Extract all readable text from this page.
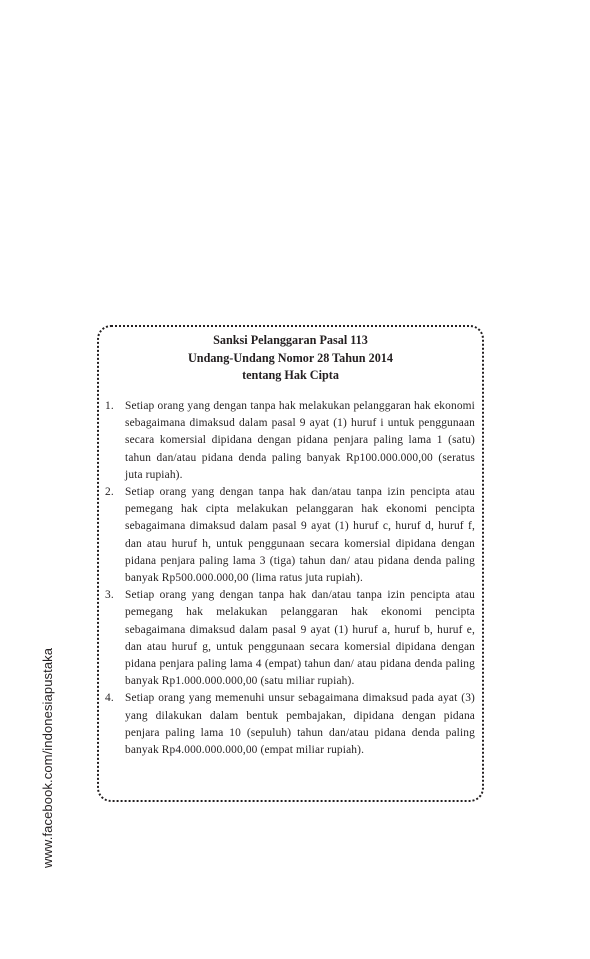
www.facebook.com/indonesiapustaka
Sanksi Pelanggaran Pasal 113
Undang-Undang Nomor 28 Tahun 2014
tentang Hak Cipta
1. Setiap orang yang dengan tanpa hak melakukan pelanggaran hak ekonomi sebagaimana dimaksud dalam pasal 9 ayat (1) huruf i untuk penggunaan secara komersial dipidana dengan pidana penjara paling lama 1 (satu) tahun dan/atau pidana denda paling banyak Rp100.000.000,00 (seratus juta rupiah).
2. Setiap orang yang dengan tanpa hak dan/atau tanpa izin pencipta atau pemegang hak cipta melakukan pelanggaran hak ekonomi pencipta sebagaimana dimaksud dalam pasal 9 ayat (1) huruf c, huruf d, huruf f, dan atau huruf h, untuk penggunaan secara komersial dipidana dengan pidana penjara paling lama 3 (tiga) tahun dan/ atau pidana denda paling banyak Rp500.000.000,00 (lima ratus juta rupiah).
3. Setiap orang yang dengan tanpa hak dan/atau tanpa izin pencipta atau pemegang hak melakukan pelanggaran hak ekonomi pencipta sebagaimana dimaksud dalam pasal 9 ayat (1) huruf a, huruf b, huruf e, dan atau huruf g, untuk penggunaan secara komersial dipidana dengan pidana penjara paling lama 4 (empat) tahun dan/ atau pidana denda paling banyak Rp1.000.000.000,00 (satu miliar rupiah).
4. Setiap orang yang memenuhi unsur sebagaimana dimaksud pada ayat (3) yang dilakukan dalam bentuk pembajakan, dipidana dengan pidana penjara paling lama 10 (sepuluh) tahun dan/atau pidana denda paling banyak Rp4.000.000.000,00 (empat miliar rupiah).
